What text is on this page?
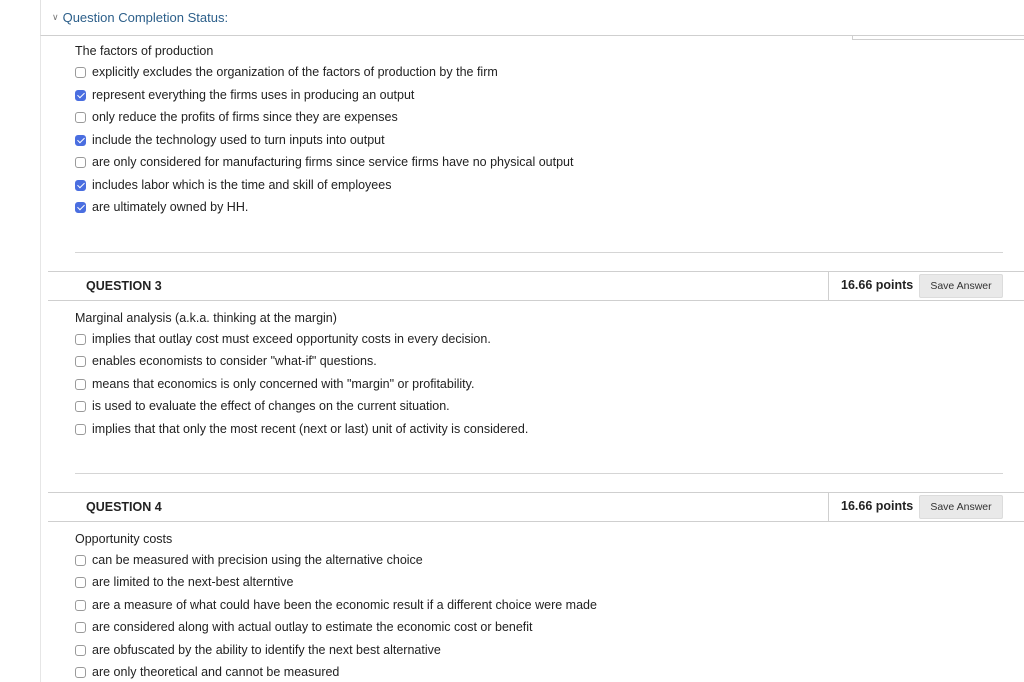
∨ Question Completion Status:
The factors of production
explicitly excludes the organization of the factors of production by the firm
represent everything the firms uses in producing an output
only reduce the profits of firms since they are expenses
include the technology used to turn inputs into output
are only considered for manufacturing firms since service firms have no physical output
includes labor which is the time and skill of employees
are ultimately owned by HH.
QUESTION 3	16.66 points	Save Answer
Marginal analysis (a.k.a. thinking at the margin)
implies that outlay cost must exceed opportunity costs in every decision.
enables economists to consider "what-if" questions.
means that economics is only concerned with "margin" or profitability.
is used to evaluate the effect of changes on the current situation.
implies that that only the most recent (next or last) unit of activity is considered.
QUESTION 4	16.66 points	Save Answer
Opportunity costs
can be measured with precision using the alternative choice
are limited to the next-best alterntive
are a measure of what could have been the economic result if a different choice were made
are considered along with actual outlay to estimate the economic cost or benefit
are obfuscated by the ability to identify the next best alternative
are only theoretical and cannot be measured
